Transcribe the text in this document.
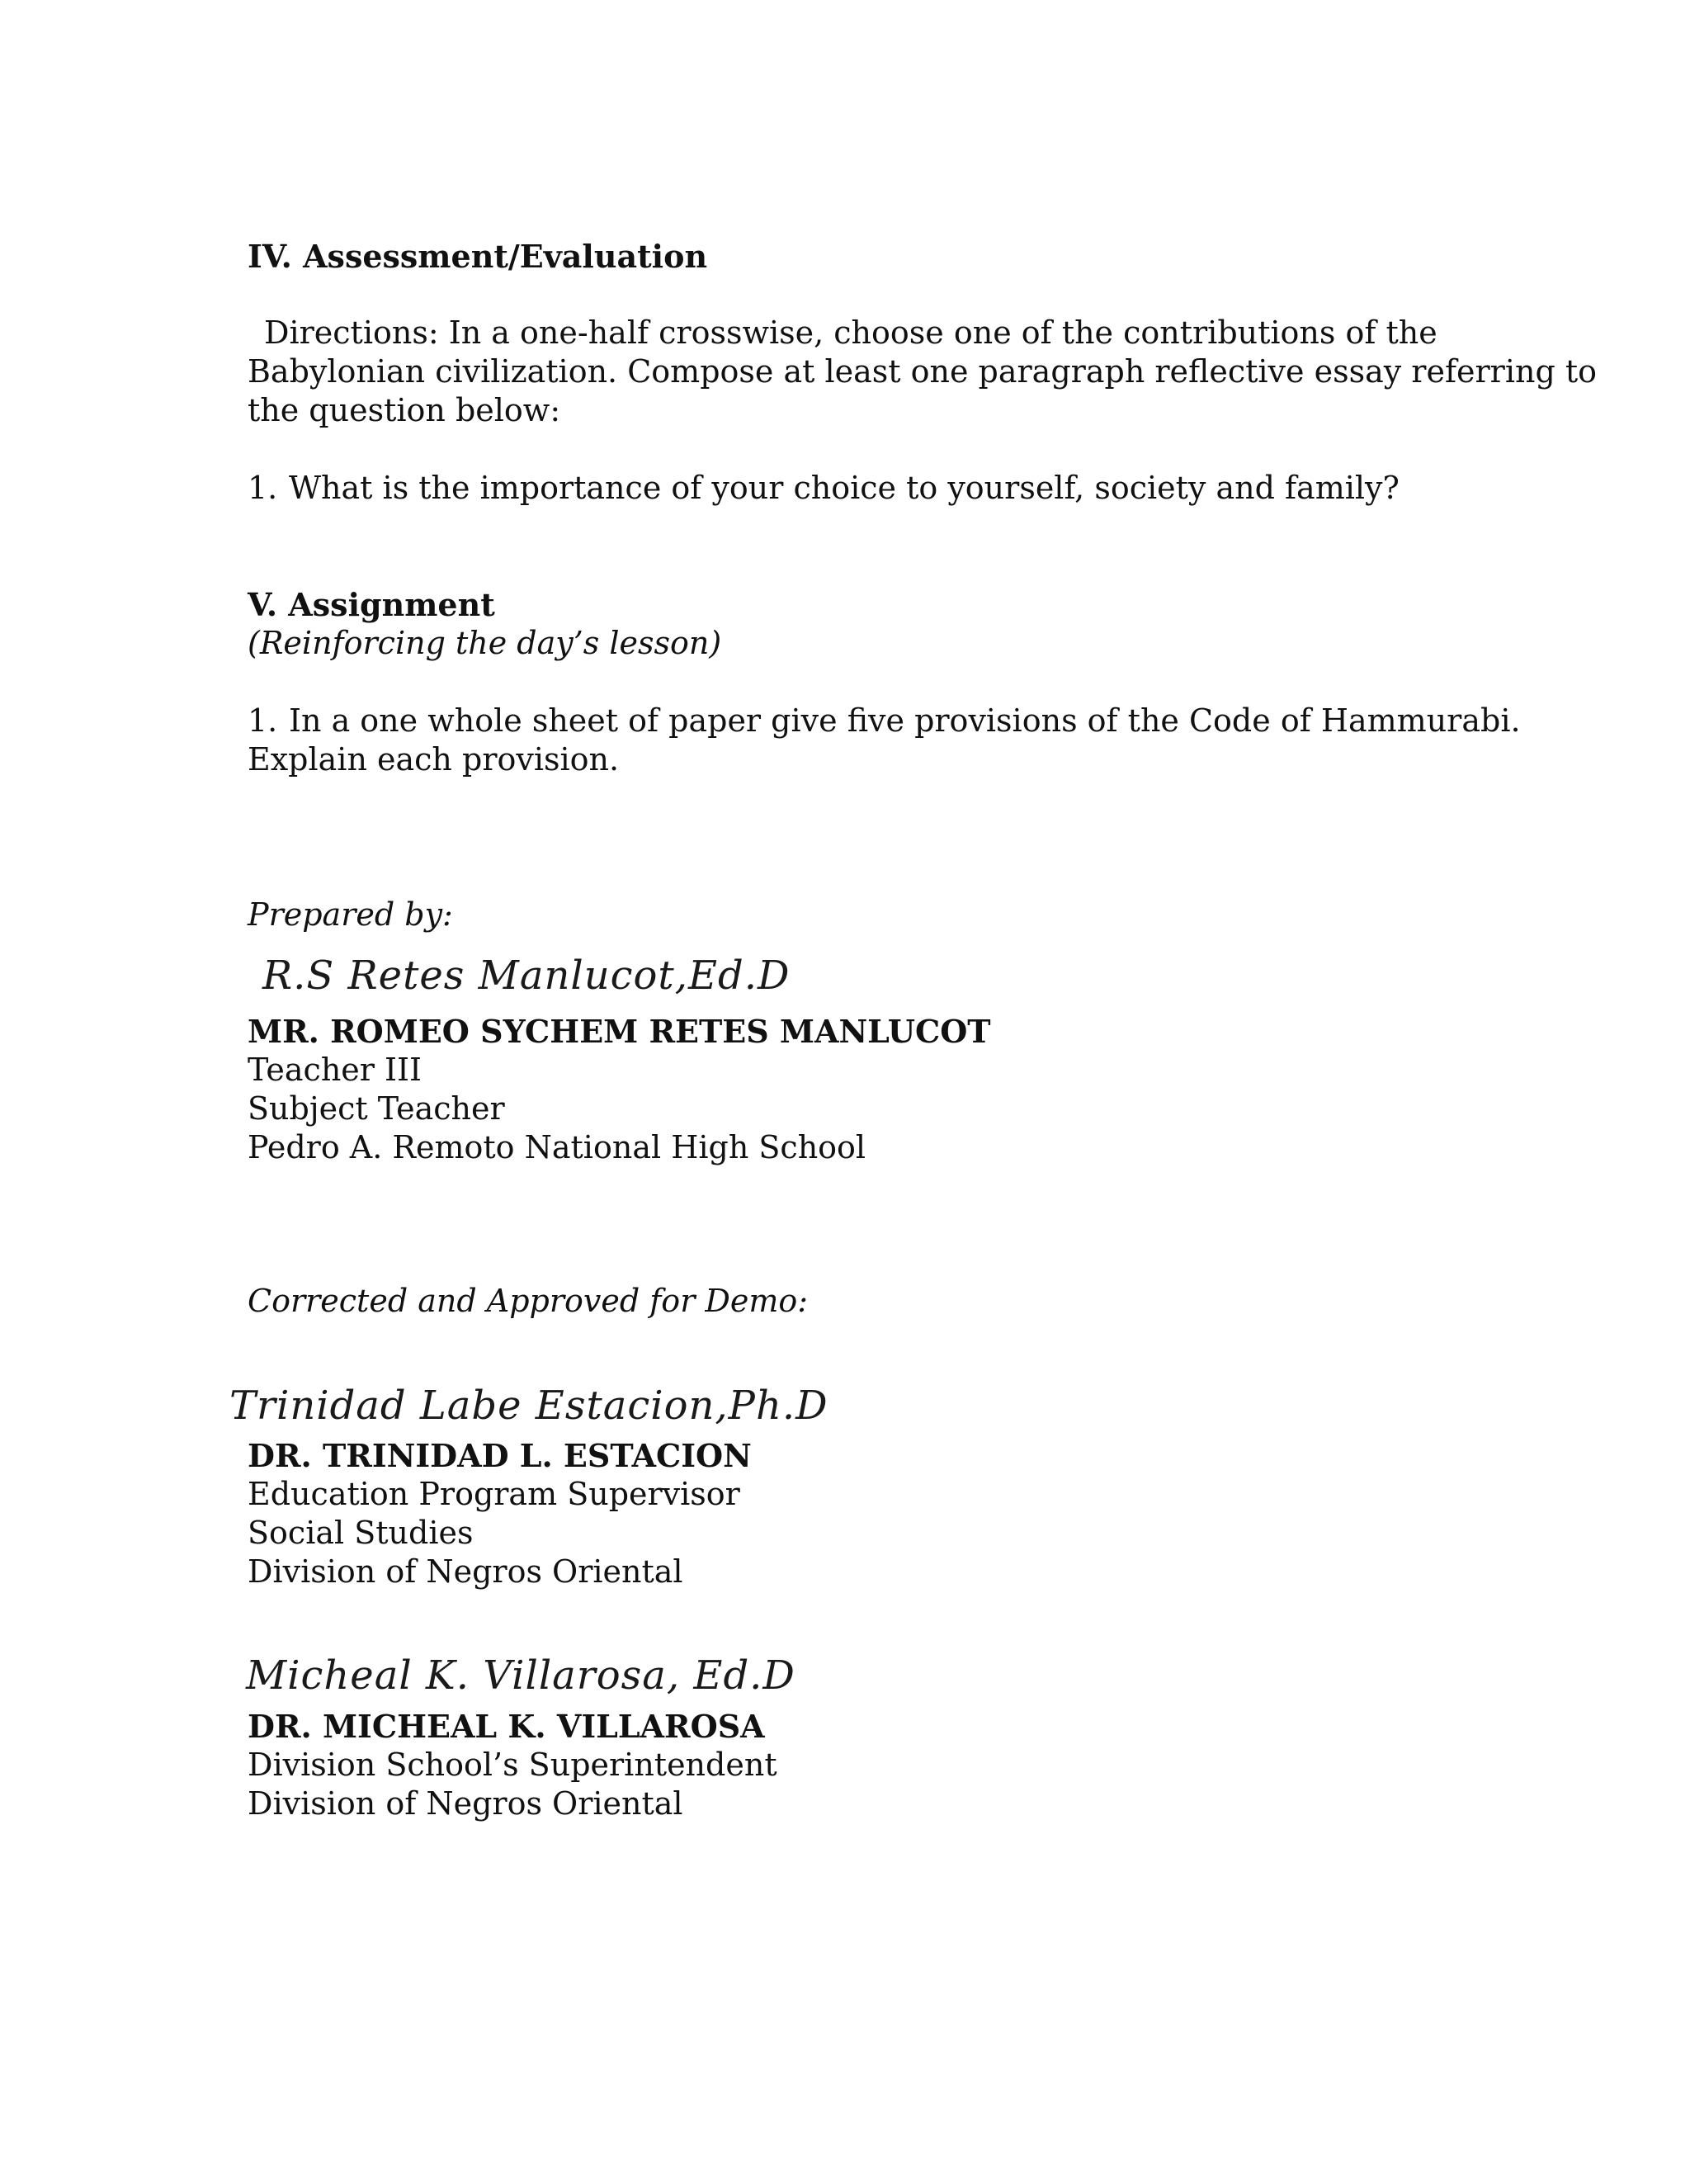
IV. Assessment/Evaluation

Directions: In a one-half crosswise, choose one of the contributions of the

Babylonian civilization. Compose at least one paragraph reflective essay referring to

the question below:

1. What is the importance of your choice to yourself, society and family?

V. Assignment

(Reinforcing the day’s lesson)

1. In a one whole sheet of paper give five provisions of the Code of Hammurabi.

Explain each provision.

Prepared by:

R.S Retes Manlucot,Ed.D

MR. ROMEO SYCHEM RETES MANLUCOT

Teacher III

Subject Teacher

Pedro A. Remoto National High School

Corrected and Approved for Demo:

Trinidad Labe Estacion,Ph.D

DR. TRINIDAD L. ESTACION

Education Program Supervisor

Social Studies

Division of Negros Oriental

Micheal K. Villarosa, Ed.D

DR. MICHEAL K. VILLAROSA

Division School’s Superintendent

Division of Negros Oriental
